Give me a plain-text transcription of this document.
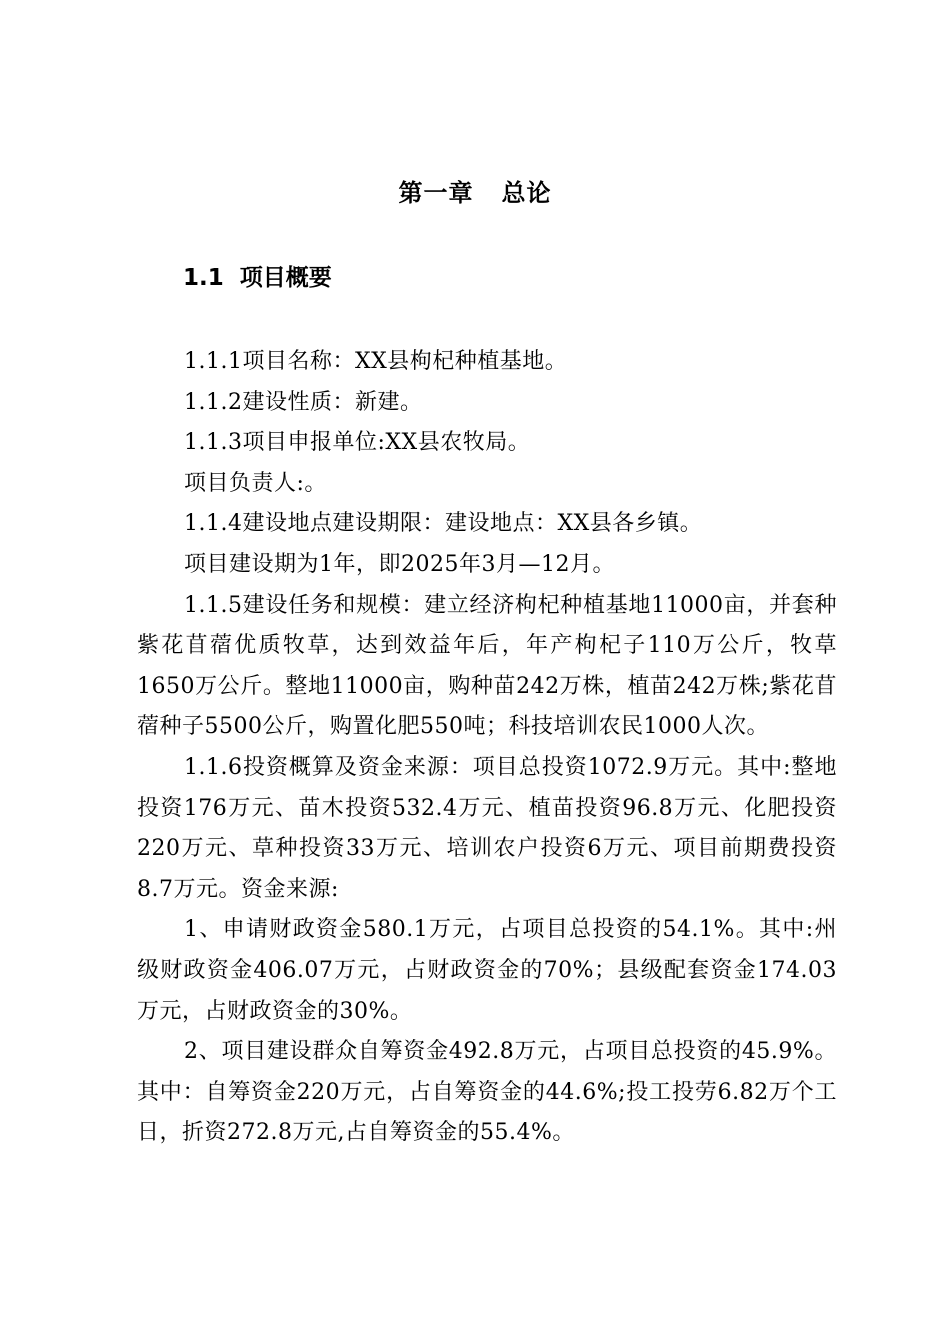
第一章   总论
1.1  项目概要

1.1.1项目名称：XX县枸杞种植基地。

1.1.2建设性质：新建。

1.1.3项目申报单位:XX县农牧局。

项目负责人:。

1.1.4建设地点建设期限：建设地点：XX县各乡镇。

项目建设期为1年，即2025年3月—12月。

1.1.5建设任务和规模：建立经济枸杞种植基地11000亩，并套种紫花苜蓿优质牧草，达到效益年后，年产枸杞子110万公斤，牧草1650万公斤。整地11000亩，购种苗242万株，植苗242万株;紫花苜蓿种子5500公斤，购置化肥550吨；科技培训农民1000人次。

1.1.6投资概算及资金来源：项目总投资1072.9万元。其中:整地投资176万元、苗木投资532.4万元、植苗投资96.8万元、化肥投资220万元、草种投资33万元、培训农户投资6万元、项目前期费投资8.7万元。资金来源:

1、申请财政资金580.1万元，占项目总投资的54.1%。其中:州级财政资金406.07万元，占财政资金的70%；县级配套资金174.03万元，占财政资金的30%。

2、项目建设群众自筹资金492.8万元，占项目总投资的45.9%。其中：自筹资金220万元，占自筹资金的44.6%;投工投劳6.82万个工日，折资272.8万元,占自筹资金的55.4%。
